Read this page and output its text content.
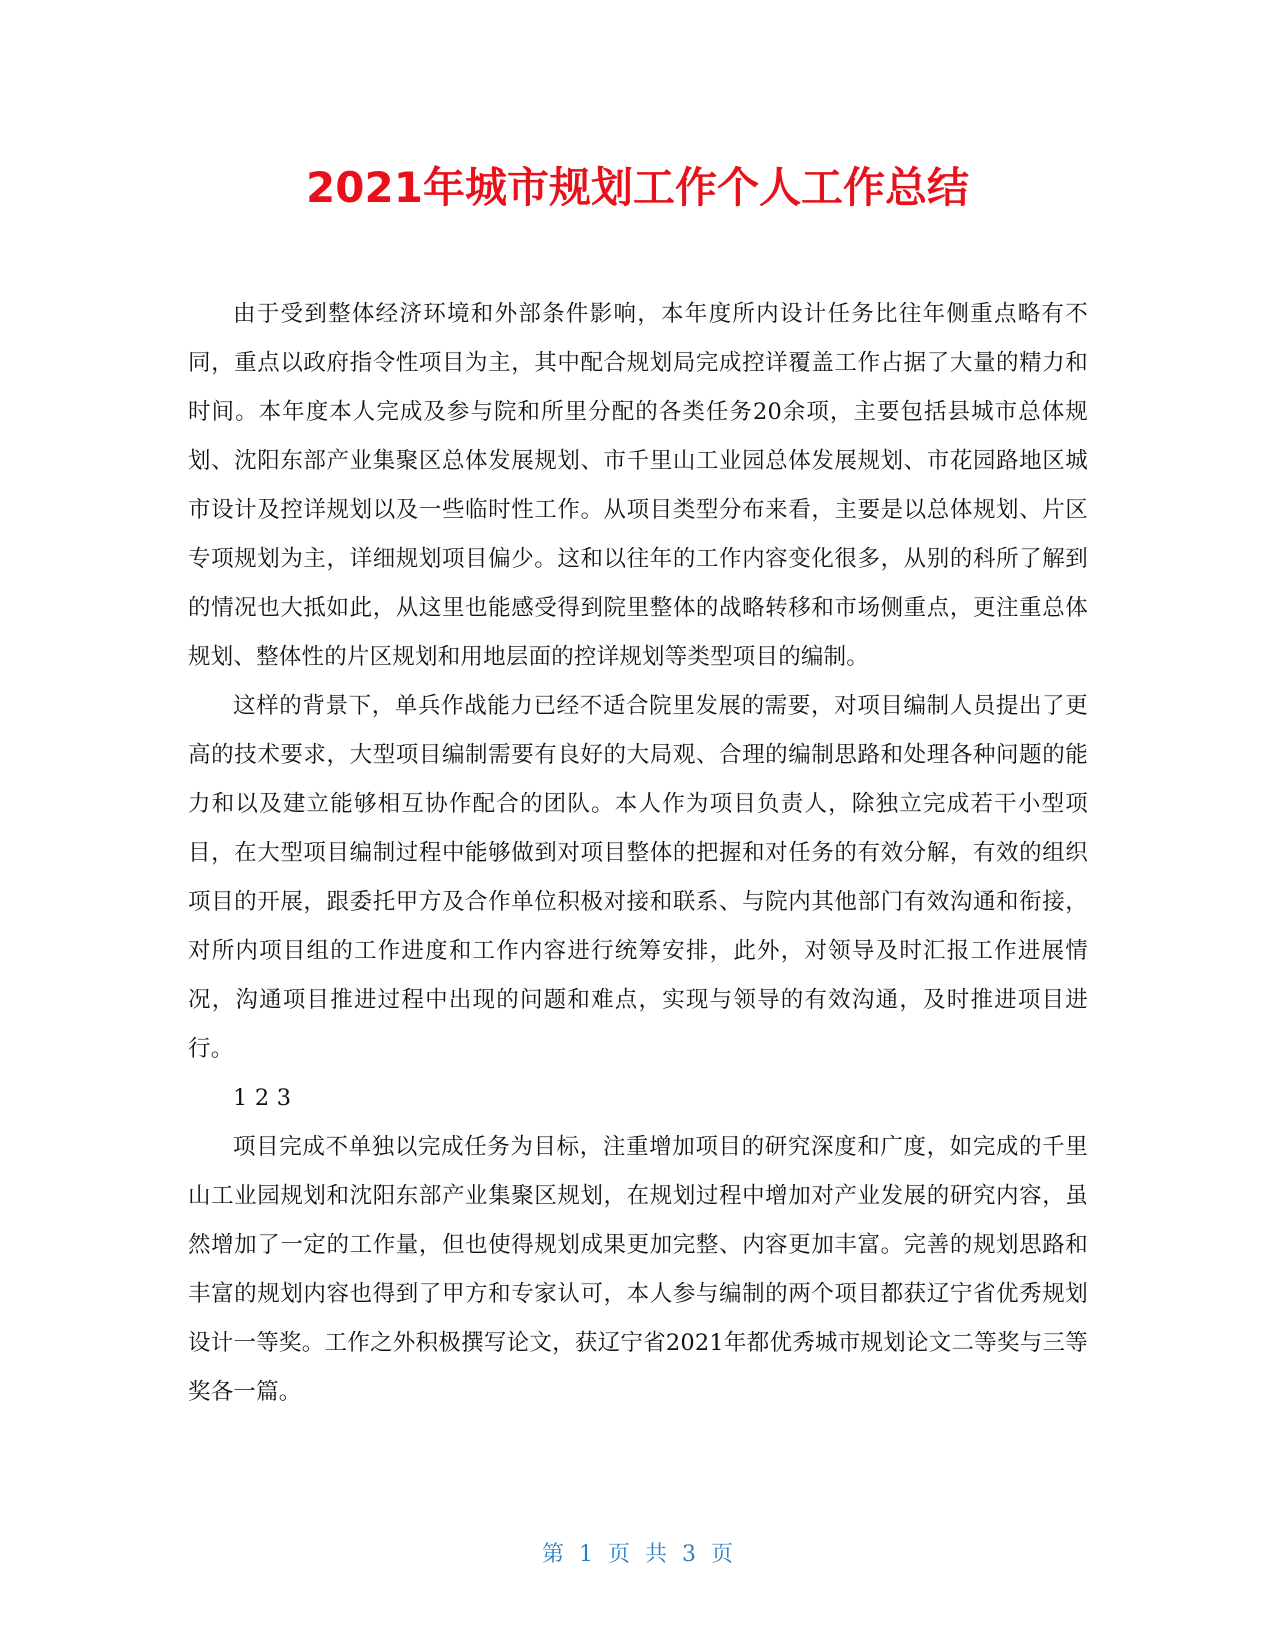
2021年城市规划工作个人工作总结

由于受到整体经济环境和外部条件影响，本年度所内设计任务比往年侧重点略有不同，重点以政府指令性项目为主，其中配合规划局完成控详覆盖工作占据了大量的精力和时间。本年度本人完成及参与院和所里分配的各类任务20余项，主要包括县城市总体规划、沈阳东部产业集聚区总体发展规划、市千里山工业园总体发展规划、市花园路地区城市设计及控详规划以及一些临时性工作。从项目类型分布来看，主要是以总体规划、片区专项规划为主，详细规划项目偏少。这和以往年的工作内容变化很多，从别的科所了解到的情况也大抵如此，从这里也能感受得到院里整体的战略转移和市场侧重点，更注重总体规划、整体性的片区规划和用地层面的控详规划等类型项目的编制。

这样的背景下，单兵作战能力已经不适合院里发展的需要，对项目编制人员提出了更高的技术要求，大型项目编制需要有良好的大局观、合理的编制思路和处理各种问题的能力和以及建立能够相互协作配合的团队。本人作为项目负责人，除独立完成若干小型项目，在大型项目编制过程中能够做到对项目整体的把握和对任务的有效分解，有效的组织项目的开展，跟委托甲方及合作单位积极对接和联系、与院内其他部门有效沟通和衔接，对所内项目组的工作进度和工作内容进行统筹安排，此外，对领导及时汇报工作进展情况，沟通项目推进过程中出现的问题和难点，实现与领导的有效沟通，及时推进项目进行。

1 2 3

项目完成不单独以完成任务为目标，注重增加项目的研究深度和广度，如完成的千里山工业园规划和沈阳东部产业集聚区规划，在规划过程中增加对产业发展的研究内容，虽然增加了一定的工作量，但也使得规划成果更加完整、内容更加丰富。完善的规划思路和丰富的规划内容也得到了甲方和专家认可，本人参与编制的两个项目都获辽宁省优秀规划设计一等奖。工作之外积极撰写论文，获辽宁省2021年都优秀城市规划论文二等奖与三等奖各一篇。

第 1 页 共 3 页
